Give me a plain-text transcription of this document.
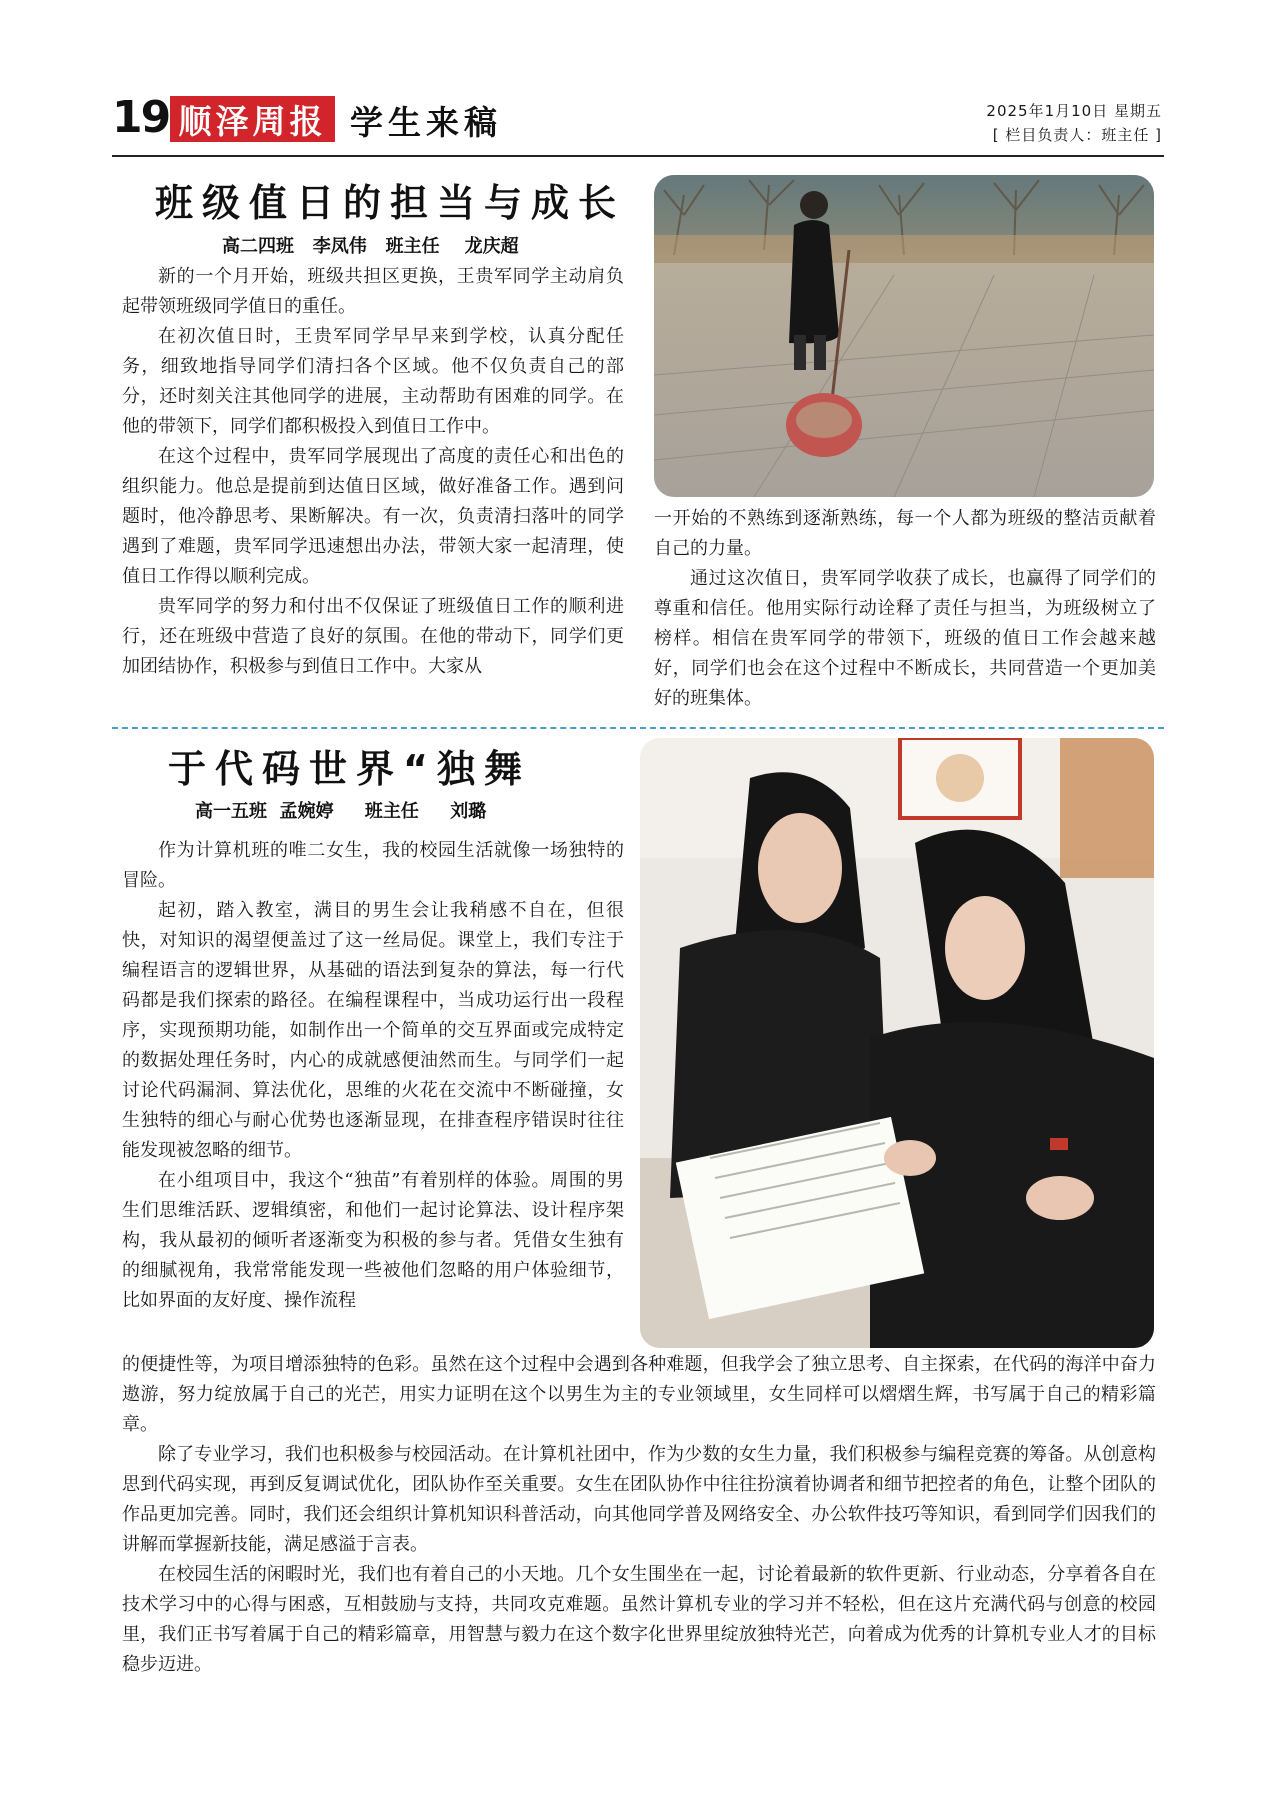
19 顺泽周报 学生来稿	2025年1月10日 星期五
[ 栏目负责人：班主任 ]
班级值日的担当与成长
高二四班   李凤伟   班主任    龙庆超

新的一个月开始，班级共担区更换，王贵军同学主动肩负起带领班级同学值日的重任。

在初次值日时，王贵军同学早早来到学校，认真分配任务，细致地指导同学们清扫各个区域。他不仅负责自己的部分，还时刻关注其他同学的进展，主动帮助有困难的同学。在他的带领下，同学们都积极投入到值日工作中。

在这个过程中，贵军同学展现出了高度的责任心和出色的组织能力。他总是提前到达值日区域，做好准备工作。遇到问题时，他冷静思考、果断解决。有一次，负责清扫落叶的同学遇到了难题，贵军同学迅速想出办法，带领大家一起清理，使值日工作得以顺利完成。

贵军同学的努力和付出不仅保证了班级值日工作的顺利进行，还在班级中营造了良好的氛围。在他的带动下，同学们更加团结协作，积极参与到值日工作中。大家从

一开始的不熟练到逐渐熟练，每一个人都为班级的整洁贡献着自己的力量。

通过这次值日，贵军同学收获了成长，也赢得了同学们的尊重和信任。他用实际行动诠释了责任与担当，为班级树立了榜样。相信在贵军同学的带领下，班级的值日工作会越来越好，同学们也会在这个过程中不断成长，共同营造一个更加美好的班集体。

于代码世界“独舞
高一五班  孟婉婷     班主任     刘璐

作为计算机班的唯二女生，我的校园生活就像一场独特的冒险。

起初，踏入教室，满目的男生会让我稍感不自在，但很快，对知识的渴望便盖过了这一丝局促。课堂上，我们专注于编程语言的逻辑世界，从基础的语法到复杂的算法，每一行代码都是我们探索的路径。在编程课程中，当成功运行出一段程序，实现预期功能，如制作出一个简单的交互界面或完成特定的数据处理任务时，内心的成就感便油然而生。与同学们一起讨论代码漏洞、算法优化，思维的火花在交流中不断碰撞，女生独特的细心与耐心优势也逐渐显现，在排查程序错误时往往能发现被忽略的细节。

在小组项目中，我这个“独苗”有着别样的体验。周围的男生们思维活跃、逻辑缜密，和他们一起讨论算法、设计程序架构，我从最初的倾听者逐渐变为积极的参与者。凭借女生独有的细腻视角，我常常能发现一些被他们忽略的用户体验细节，比如界面的友好度、操作流程

的便捷性等，为项目增添独特的色彩。虽然在这个过程中会遇到各种难题，但我学会了独立思考、自主探索，在代码的海洋中奋力遨游，努力绽放属于自己的光芒，用实力证明在这个以男生为主的专业领域里，女生同样可以熠熠生辉，书写属于自己的精彩篇章。

除了专业学习，我们也积极参与校园活动。在计算机社团中，作为少数的女生力量，我们积极参与编程竞赛的筹备。从创意构思到代码实现，再到反复调试优化，团队协作至关重要。女生在团队协作中往往扮演着协调者和细节把控者的角色，让整个团队的作品更加完善。同时，我们还会组织计算机知识科普活动，向其他同学普及网络安全、办公软件技巧等知识，看到同学们因我们的讲解而掌握新技能，满足感溢于言表。

在校园生活的闲暇时光，我们也有着自己的小天地。几个女生围坐在一起，讨论着最新的软件更新、行业动态，分享着各自在技术学习中的心得与困惑，互相鼓励与支持，共同攻克难题。虽然计算机专业的学习并不轻松，但在这片充满代码与创意的校园里，我们正书写着属于自己的精彩篇章，用智慧与毅力在这个数字化世界里绽放独特光芒，向着成为优秀的计算机专业人才的目标稳步迈进。
